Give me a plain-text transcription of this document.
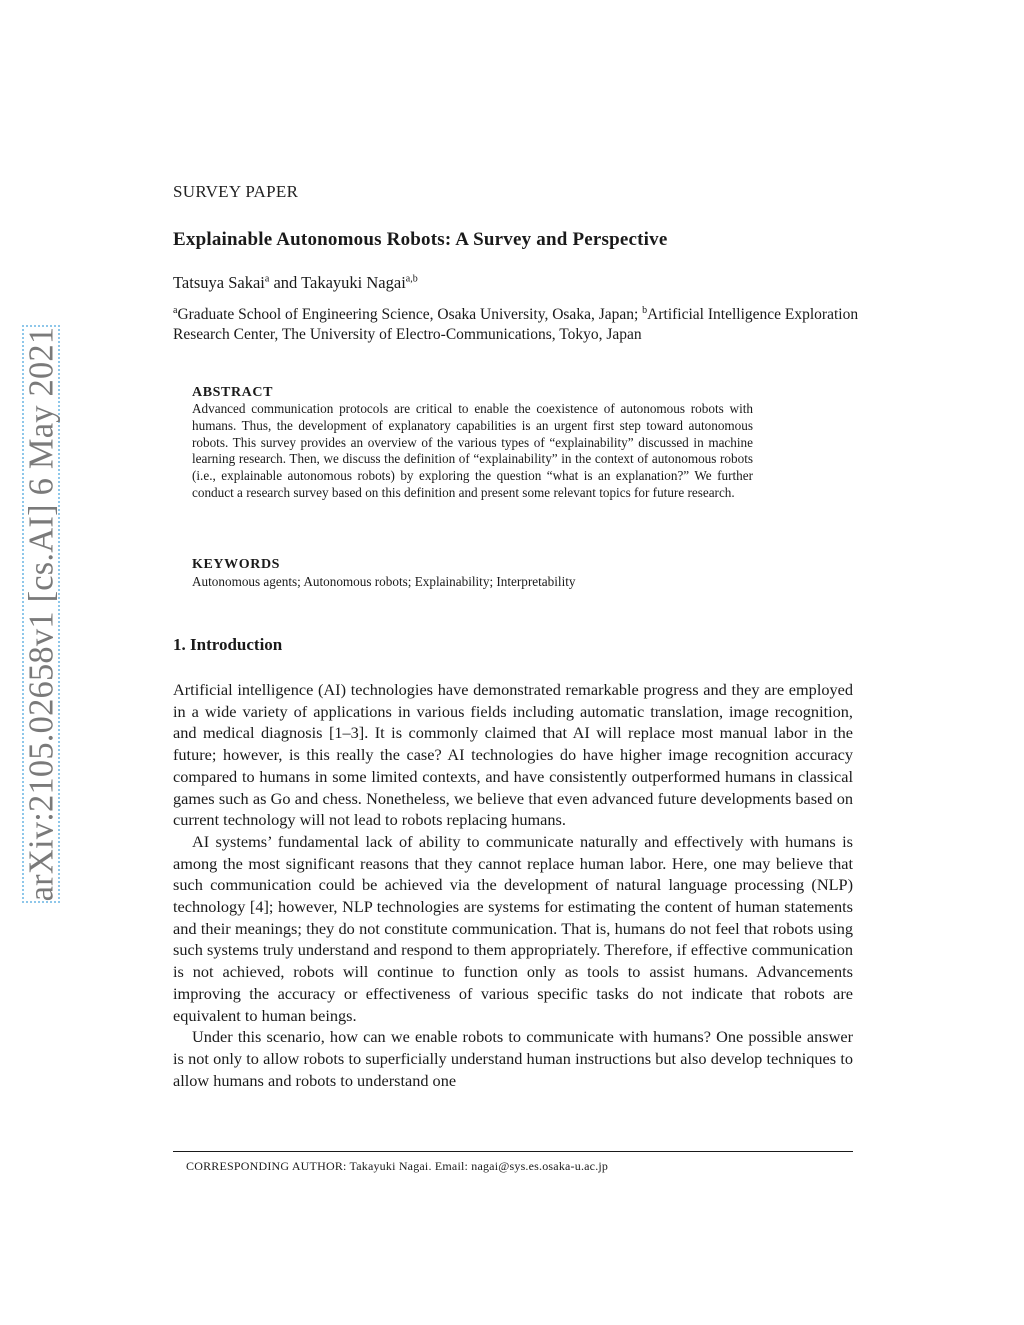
arXiv:2105.02658v1 [cs.AI] 6 May 2021
SURVEY PAPER
Explainable Autonomous Robots: A Survey and Perspective
Tatsuya Sakai$^a$ and Takayuki Nagai$^{a,b}$
$^a$Graduate School of Engineering Science, Osaka University, Osaka, Japan; $^b$Artificial Intelligence Exploration Research Center, The University of Electro-Communications, Tokyo, Japan
ABSTRACT
Advanced communication protocols are critical to enable the coexistence of autonomous robots with humans. Thus, the development of explanatory capabilities is an urgent first step toward autonomous robots. This survey provides an overview of the various types of “explainability” discussed in machine learning research. Then, we discuss the definition of “explainability” in the context of autonomous robots (i.e., explainable autonomous robots) by exploring the question “what is an explanation?” We further conduct a research survey based on this definition and present some relevant topics for future research.
KEYWORDS
Autonomous agents; Autonomous robots; Explainability; Interpretability
1. Introduction

Artificial intelligence (AI) technologies have demonstrated remarkable progress and they are employed in a wide variety of applications in various fields including automatic translation, image recognition, and medical diagnosis [1–3]. It is commonly claimed that AI will replace most manual labor in the future; however, is this really the case? AI technologies do have higher image recognition accuracy compared to humans in some limited contexts, and have consistently outperformed humans in classical games such as Go and chess. Nonetheless, we believe that even advanced future developments based on current technology will not lead to robots replacing humans.

AI systems’ fundamental lack of ability to communicate naturally and effectively with humans is among the most significant reasons that they cannot replace human labor. Here, one may believe that such communication could be achieved via the development of natural language processing (NLP) technology [4]; however, NLP technologies are systems for estimating the content of human statements and their meanings; they do not constitute communication. That is, humans do not feel that robots using such systems truly understand and respond to them appropriately. Therefore, if effective communication is not achieved, robots will continue to function only as tools to assist humans. Advancements improving the accuracy or effectiveness of various specific tasks do not indicate that robots are equivalent to human beings.

Under this scenario, how can we enable robots to communicate with humans? One possible answer is not only to allow robots to superficially understand human instructions but also develop techniques to allow humans and robots to understand one

CORRESPONDING AUTHOR: Takayuki Nagai. Email: nagai@sys.es.osaka-u.ac.jp
